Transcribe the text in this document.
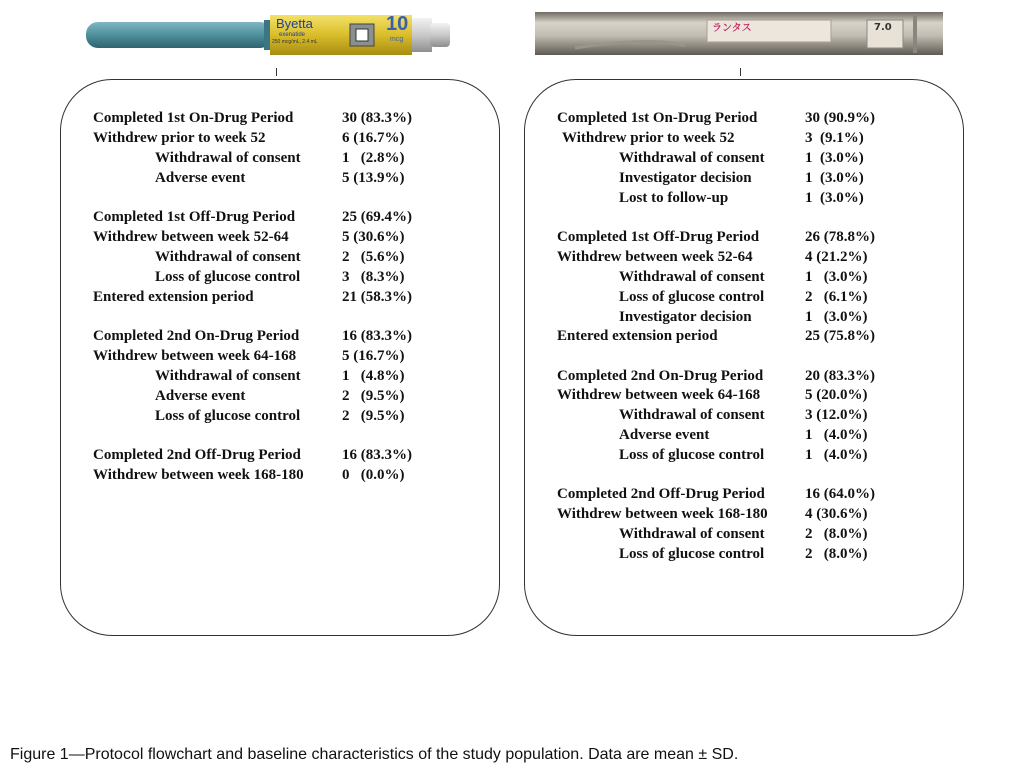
Byetta
exenatide
250 mcg/mL, 2.4 mL
10
mcg
ランタス	7.0
Completed 1st On-Drug Period	30 (83.3%)
Withdrew prior to week 52	6 (16.7%)
Withdrawal of consent	1   (2.8%)
Adverse event	5 (13.9%)
Completed 1st Off-Drug Period	25 (69.4%)
Withdrew between week 52-64	5 (30.6%)
Withdrawal of consent	2   (5.6%)
Loss of glucose control	3   (8.3%)
Entered extension period	21 (58.3%)
Completed 2nd On-Drug Period	16 (83.3%)
Withdrew between week 64-168	5 (16.7%)
Withdrawal of consent	1   (4.8%)
Adverse event	2   (9.5%)
Loss of glucose control	2   (9.5%)
Completed 2nd Off-Drug Period	16 (83.3%)
Withdrew between week 168-180	0   (0.0%)
Completed 1st On-Drug Period	30 (90.9%)
Withdrew prior to week 52	3  (9.1%)
Withdrawal of consent	1  (3.0%)
Investigator decision	1  (3.0%)
Lost to follow-up	1  (3.0%)
Completed 1st Off-Drug Period	26 (78.8%)
Withdrew between week 52-64	4 (21.2%)
Withdrawal of consent	1   (3.0%)
Loss of glucose control	2   (6.1%)
Investigator decision	1   (3.0%)
Entered extension period	25 (75.8%)
Completed 2nd On-Drug Period	20 (83.3%)
Withdrew between week 64-168	5 (20.0%)
Withdrawal of consent	3 (12.0%)
Adverse event	1   (4.0%)
Loss of glucose control	1   (4.0%)
Completed 2nd Off-Drug Period	16 (64.0%)
Withdrew between week 168-180 4 (30.6%)
Withdrawal of consent	2   (8.0%)
Loss of glucose control	2   (8.0%)
Figure 1—Protocol flowchart and baseline characteristics of the study population. Data are mean ± SD.
